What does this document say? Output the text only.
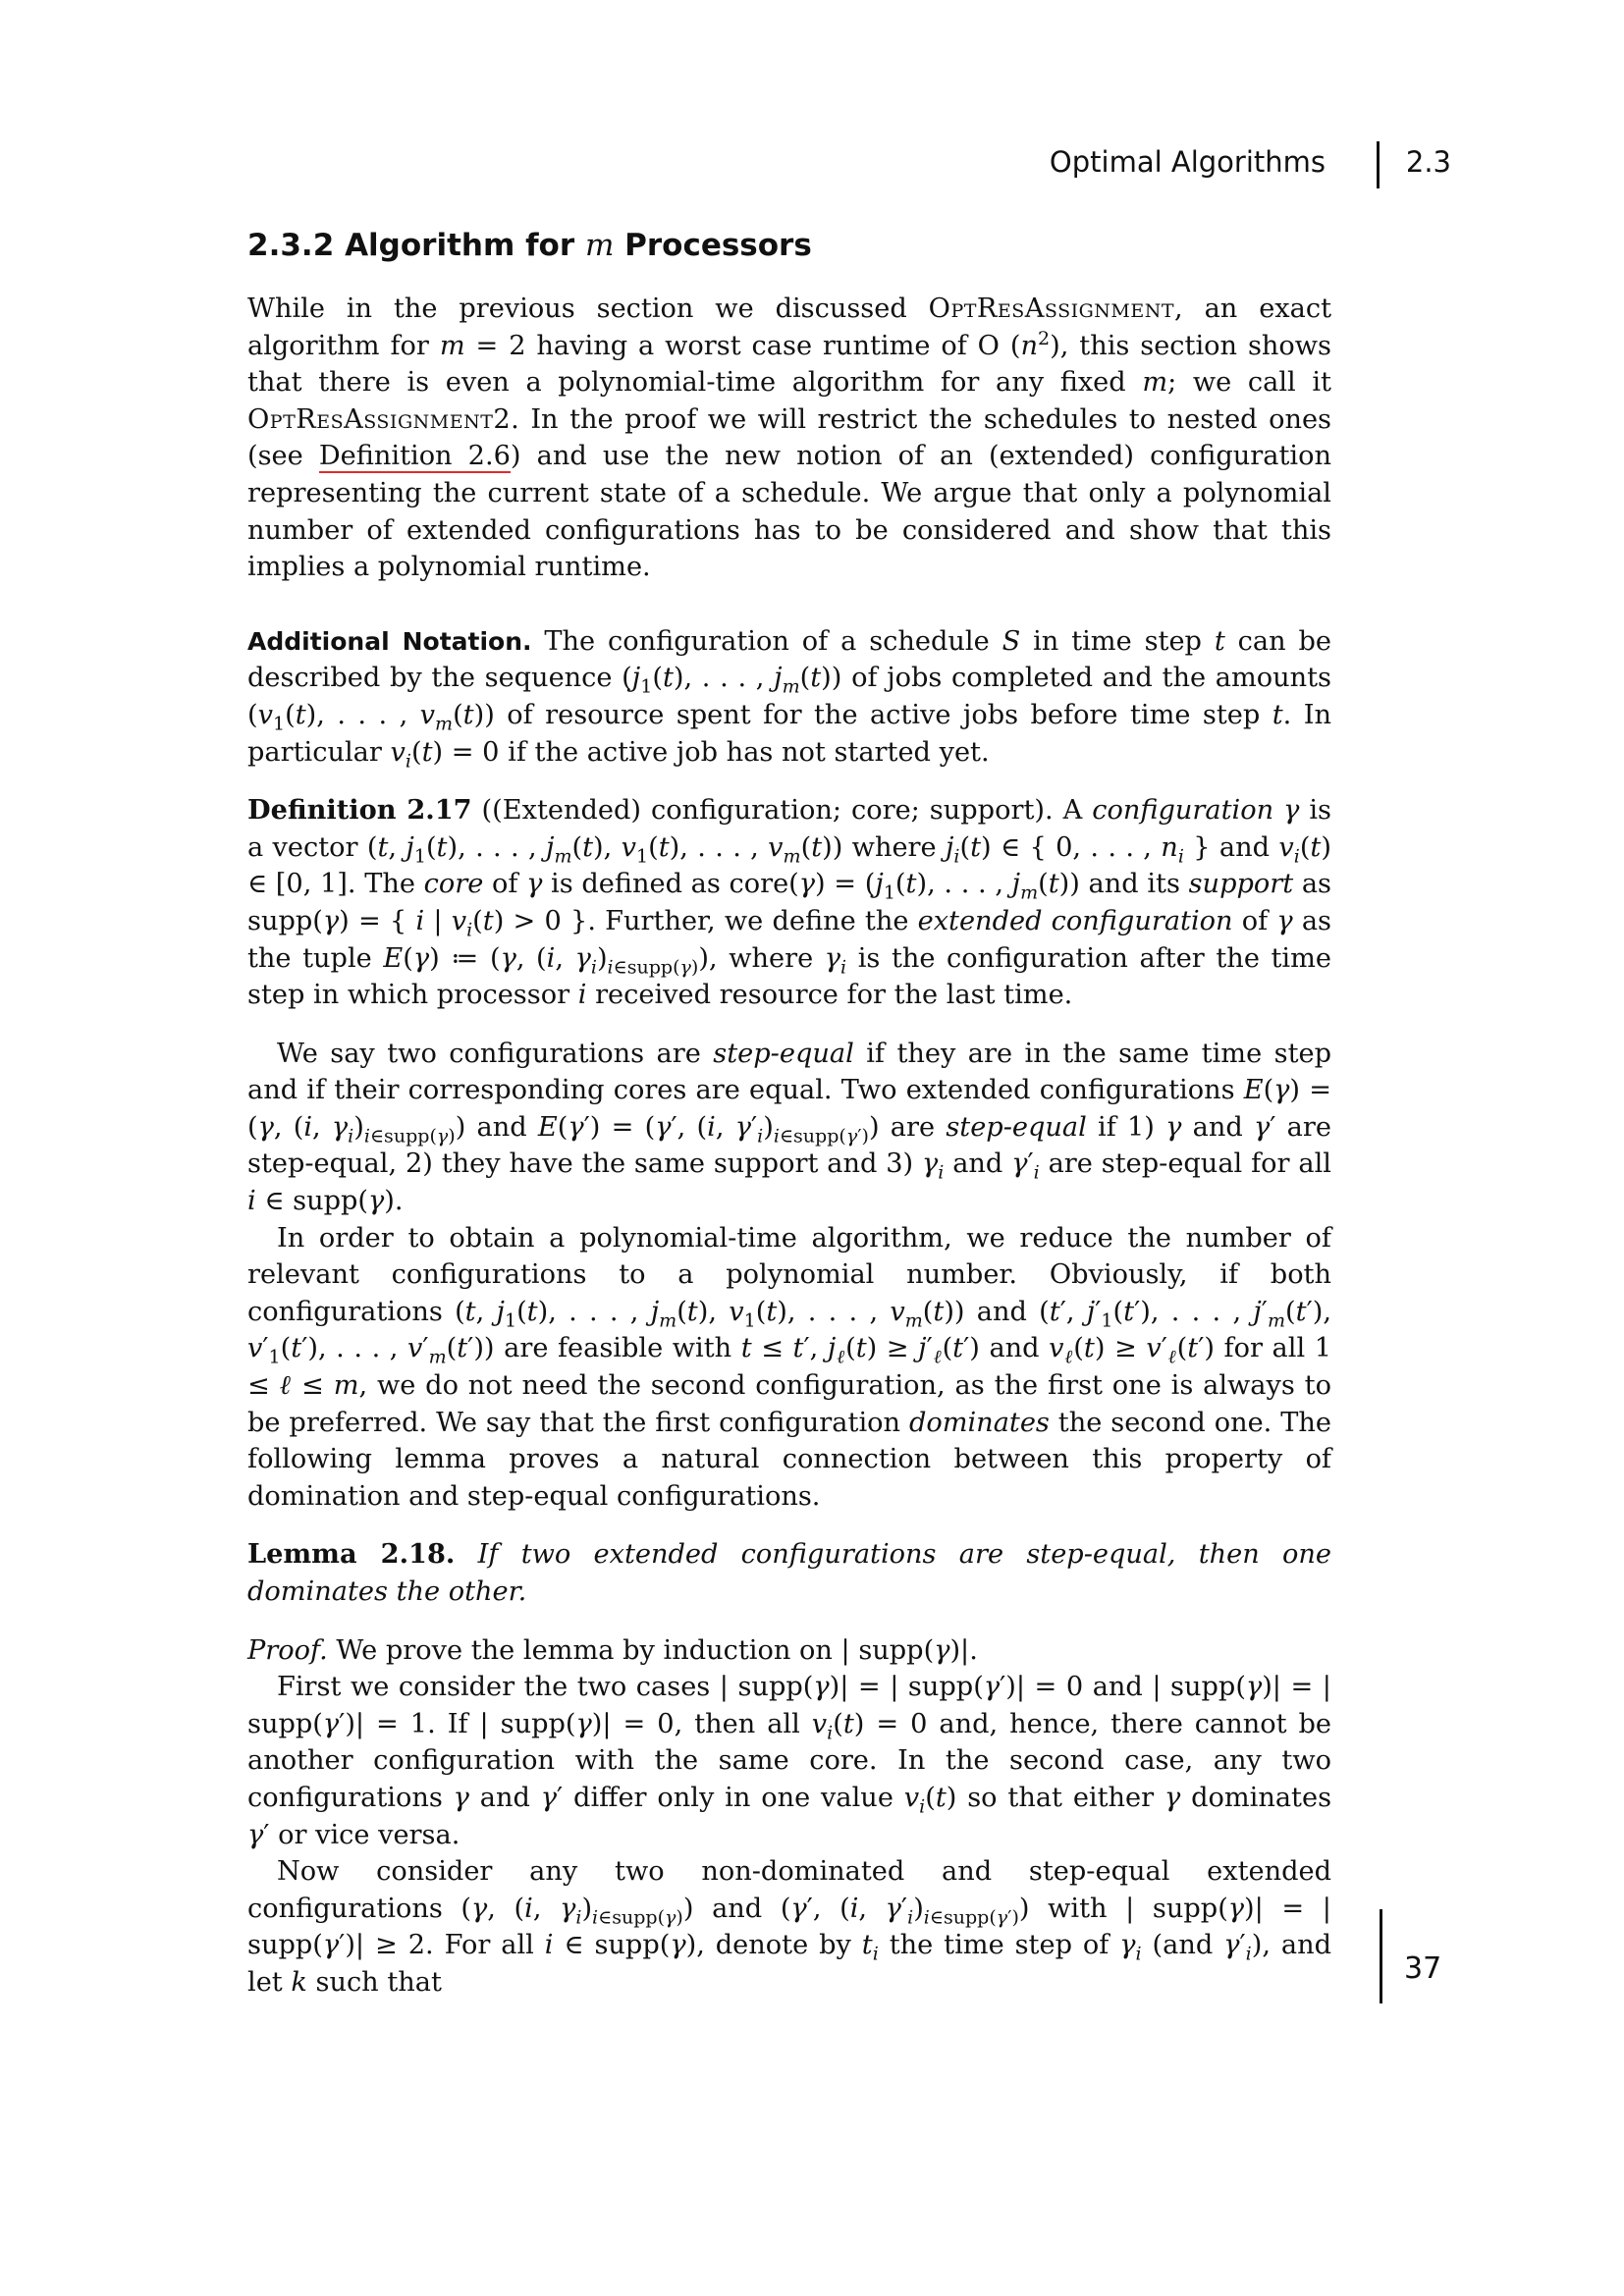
Optimal Algorithms	2.3
2.3.2 Algorithm for m Processors

While in the previous section we discussed OptResAssignment, an exact algorithm for m = 2 having a worst case runtime of O $(n^2)$, this section shows that there is even a polynomial-time algorithm for any fixed m; we call it OptResAssignment2. In the proof we will restrict the schedules to nested ones (see Definition 2.6) and use the new notion of an (extended) configuration representing the current state of a schedule. We argue that only a polynomial number of extended configurations has to be considered and show that this implies a polynomial runtime.

Additional Notation. The configuration of a schedule S in time step t can be described by the sequence ($j_1(t)$, . . . , $j_m(t)$) of jobs completed and the amounts ($v_1(t)$, . . . , $v_m(t)$) of resource spent for the active jobs before time step t. In particular $v_i(t) = 0$ if the active job has not started yet.

Definition 2.17 ((Extended) configuration; core; support). A configuration γ is a vector (t, $j_1(t)$, . . . , $j_m(t)$, $v_1(t)$, . . . , $v_m(t)$) where $j_i(t)$ ∈ { 0, . . . , $n_i$ } and $v_i(t)$ ∈ [0, 1]. The core of γ is defined as core(γ) = ($j_1(t)$, . . . , $j_m(t)$) and its support as supp(γ) = { i | $v_i(t) > 0$ }. Further, we define the extended configuration of γ as the tuple E(γ) ≔ (γ, (i, $\gamma_i)_{i\in supp(\gamma)}$), where $\gamma_i$ is the configuration after the time step in which processor i received resource for the last time.

We say two configurations are step-equal if they are in the same time step and if their corresponding cores are equal. Two extended configurations E(γ) = (γ, (i, $\gamma_i)_{i\in supp(\gamma)}$) and E(γ′) = (γ′, (i, $\gamma'_i)_{i\in supp(\gamma')}$) are step-equal if 1) γ and γ′ are step-equal, 2) they have the same support and 3) $\gamma_i$ and $\gamma'_i$ are step-equal for all i ∈ supp(γ).

In order to obtain a polynomial-time algorithm, we reduce the number of relevant configurations to a polynomial number. Obviously, if both configurations (t, $j_1(t)$, . . . , $j_m(t)$, $v_1(t)$, . . . , $v_m(t)$) and (t′, $j'_1(t')$, . . . , $j'_m(t')$, $v'_1(t')$, . . . , $v'_m(t')$) are feasible with t ≤ t′, $j_\ell(t) \ge j'_\ell(t')$ and $v_\ell(t) \ge v'_\ell(t')$ for all 1 ≤ ℓ ≤ m, we do not need the second configuration, as the first one is always to be preferred. We say that the first configuration dominates the second one. The following lemma proves a natural connection between this property of domination and step-equal configurations.

Lemma 2.18. If two extended configurations are step-equal, then one dominates the other.

Proof. We prove the lemma by induction on | supp(γ)|.

First we consider the two cases | supp(γ)| = | supp(γ′)| = 0 and | supp(γ)| = | supp(γ′)| = 1. If | supp(γ)| = 0, then all $v_i(t) = 0$ and, hence, there cannot be another configuration with the same core. In the second case, any two configurations γ and γ′ differ only in one value $v_i(t)$ so that either γ dominates γ′ or vice versa.

Now consider any two non-dominated and step-equal extended configurations (γ, (i, $\gamma_i)_{i\in supp(\gamma)}$) and (γ′, (i, $\gamma'_i)_{i\in supp(\gamma')}$) with | supp(γ)| = | supp(γ′)| ≥ 2. For all i ∈ supp(γ), denote by $t_i$ the time step of $\gamma_i$ (and $\gamma'_i$), and let k such that	37
